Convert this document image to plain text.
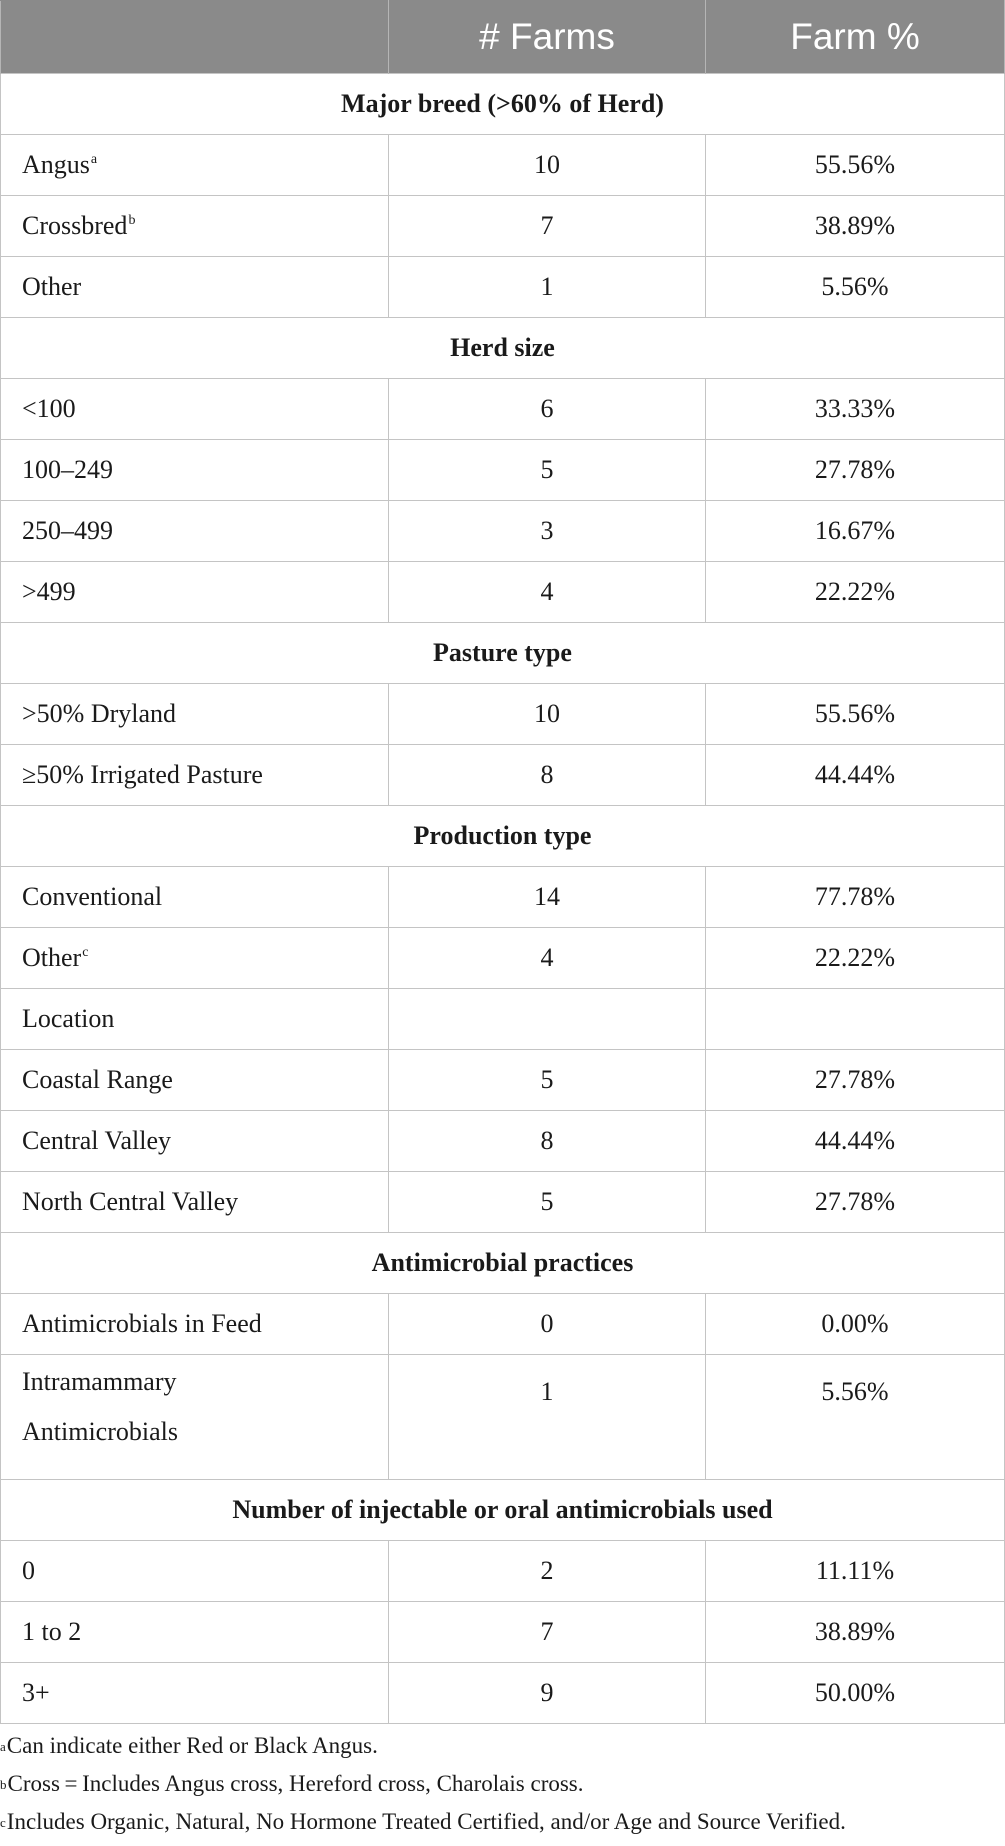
	# Farms	Farm %
Major breed (>60% of Herd)		
Angus$^a$	10	55.56%
Crossbred$^b$	7	38.89%
Other	1	5.56%
Herd size		
<100	6	33.33%
100–249	5	27.78%
250–499	3	16.67%
>499	4	22.22%
Pasture type		
>50% Dryland	10	55.56%
≥50% Irrigated Pasture	8	44.44%
Production type		
Conventional	14	77.78%
Other$^c$	4	22.22%
Location		
Coastal Range	5	27.78%
Central Valley	8	44.44%
North Central Valley	5	27.78%
Antimicrobial practices		
Antimicrobials in Feed	0	0.00%
Intramammary
Antimicrobials	1	5.56%
Number of injectable or oral antimicrobials used		
0	2	11.11%
1 to 2	7	38.89%
3+	9	50.00%
$^a$Can indicate either Red or Black Angus.
$^b$Cross = Includes Angus cross, Hereford cross, Charolais cross.
$^c$Includes Organic, Natural, No Hormone Treated Certified, and/or Age and Source Verified.
